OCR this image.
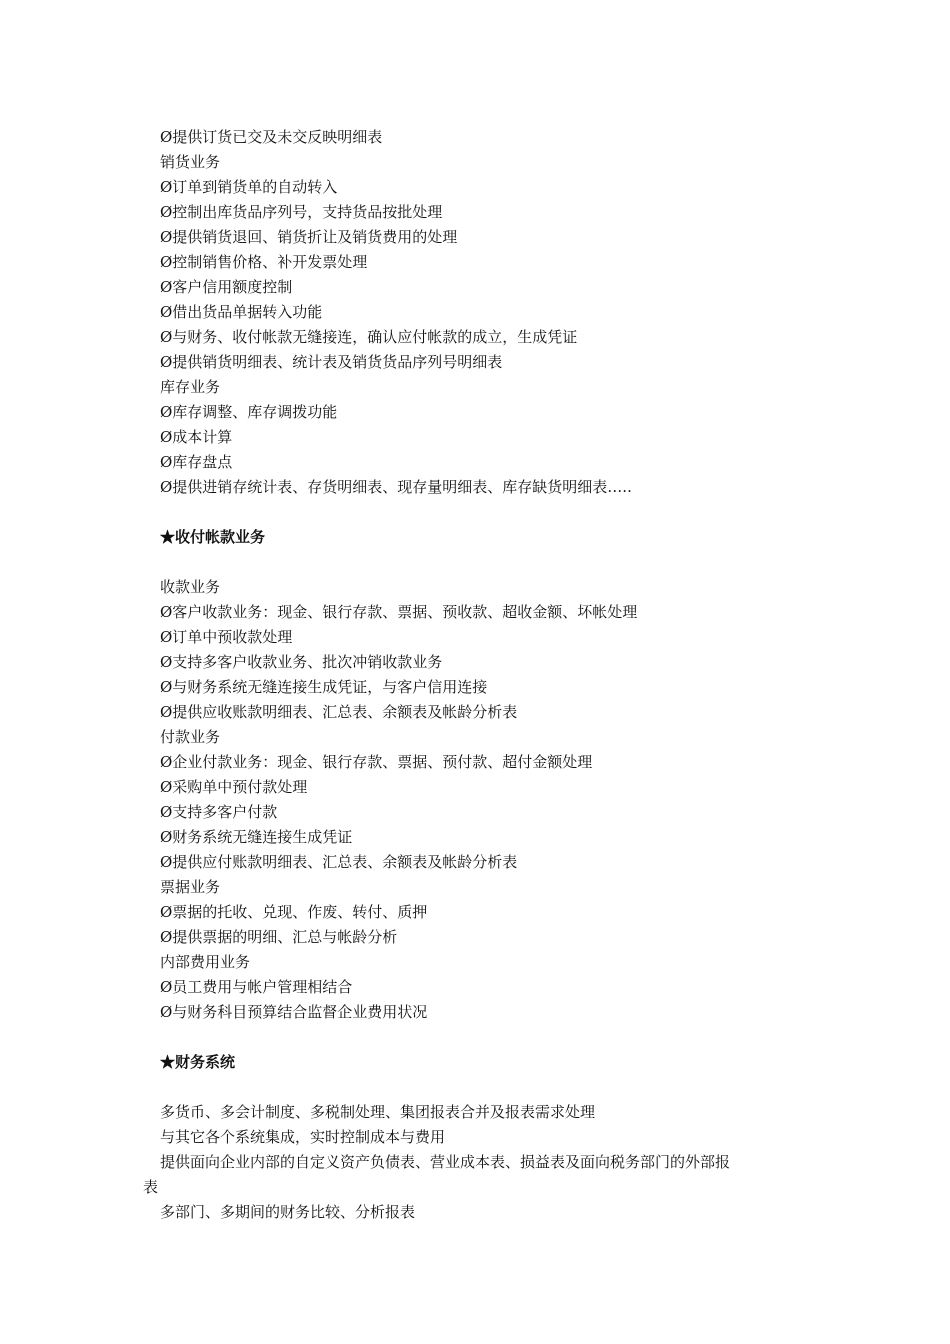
Ø提供订货已交及未交反映明细表
销货业务
Ø订单到销货单的自动转入
Ø控制出库货品序列号，支持货品按批处理
Ø提供销货退回、销货折让及销货费用的处理
Ø控制销售价格、补开发票处理
Ø客户信用额度控制
Ø借出货品单据转入功能
Ø与财务、收付帐款无缝接连，确认应付帐款的成立，生成凭证
Ø提供销货明细表、统计表及销货货品序列号明细表
库存业务
Ø库存调整、库存调拨功能
Ø成本计算
Ø库存盘点
Ø提供进销存统计表、存货明细表、现存量明细表、库存缺货明细表…..
★收付帐款业务
收款业务
Ø客户收款业务：现金、银行存款、票据、预收款、超收金额、坏帐处理
Ø订单中预收款处理
Ø支持多客户收款业务、批次冲销收款业务
Ø与财务系统无缝连接生成凭证，与客户信用连接
Ø提供应收账款明细表、汇总表、余额表及帐龄分析表
付款业务
Ø企业付款业务：现金、银行存款、票据、预付款、超付金额处理
Ø采购单中预付款处理
Ø支持多客户付款
Ø财务系统无缝连接生成凭证
Ø提供应付账款明细表、汇总表、余额表及帐龄分析表
票据业务
Ø票据的托收、兑现、作废、转付、质押
Ø提供票据的明细、汇总与帐龄分析
内部费用业务
Ø员工费用与帐户管理相结合
Ø与财务科目预算结合监督企业费用状况
★财务系统
多货币、多会计制度、多税制处理、集团报表合并及报表需求处理
与其它各个系统集成，实时控制成本与费用
提供面向企业内部的自定义资产负债表、营业成本表、损益表及面向税务部门的外部报
表
多部门、多期间的财务比较、分析报表
